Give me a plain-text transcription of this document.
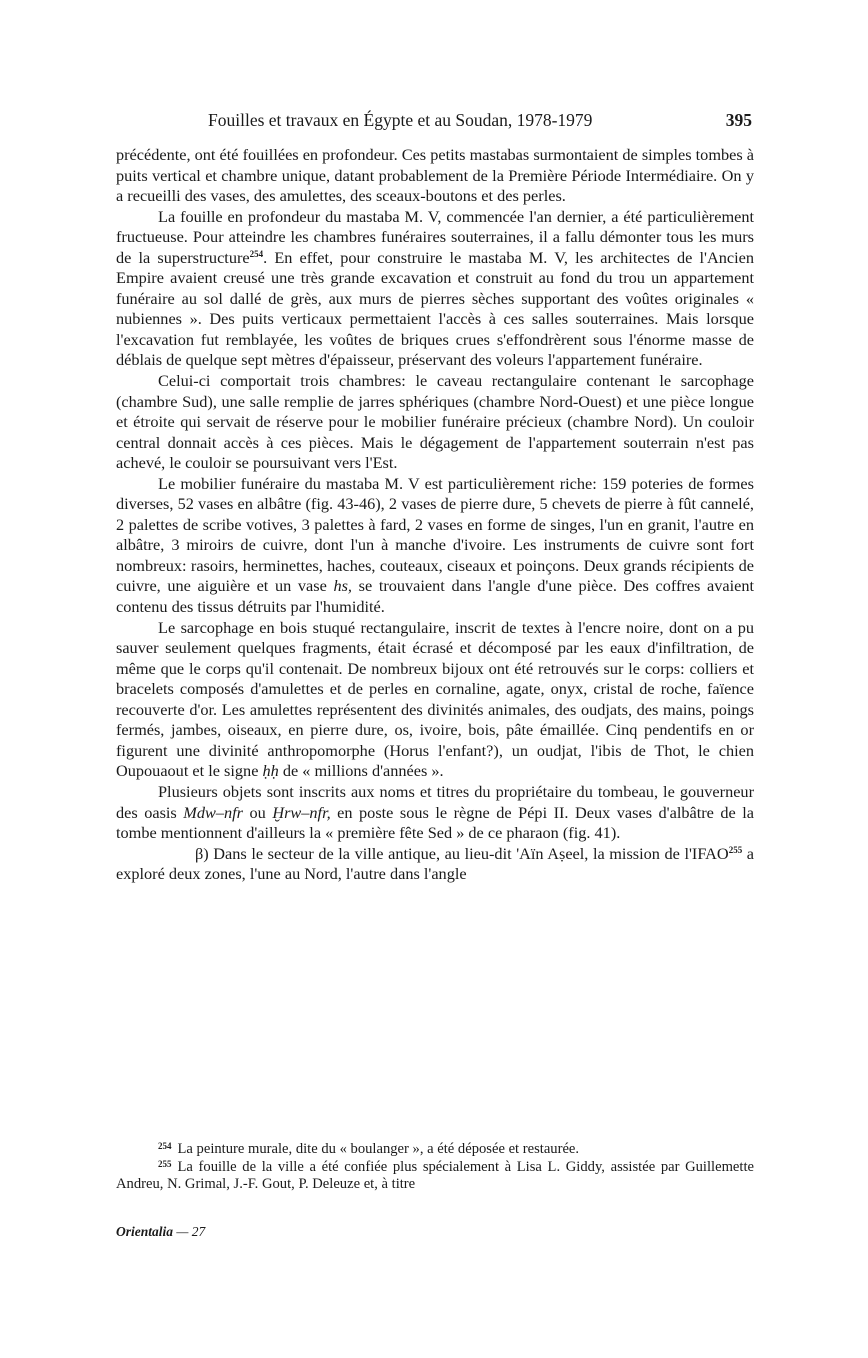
Fouilles et travaux en Égypte et au Soudan, 1978-1979	395

précédente, ont été fouillées en profondeur. Ces petits mastabas surmontaient de simples tombes à puits vertical et chambre unique, datant probablement de la Première Période Intermédiaire. On y a recueilli des vases, des amulettes, des sceaux-boutons et des perles.

La fouille en profondeur du mastaba M. V, commencée l'an dernier, a été particulièrement fructueuse. Pour atteindre les chambres funéraires souterraines, il a fallu démonter tous les murs de la superstructure$^{254}$. En effet, pour construire le mastaba M. V, les architectes de l'Ancien Empire avaient creusé une très grande excavation et construit au fond du trou un appartement funéraire au sol dallé de grès, aux murs de pierres sèches supportant des voûtes originales « nubiennes ». Des puits verticaux permettaient l'accès à ces salles souterraines. Mais lorsque l'excavation fut remblayée, les voûtes de briques crues s'effondrèrent sous l'énorme masse de déblais de quelque sept mètres d'épaisseur, préservant des voleurs l'appartement funéraire.

Celui-ci comportait trois chambres: le caveau rectangulaire contenant le sarcophage (chambre Sud), une salle remplie de jarres sphériques (chambre Nord-Ouest) et une pièce longue et étroite qui servait de réserve pour le mobilier funéraire précieux (chambre Nord). Un couloir central donnait accès à ces pièces. Mais le dégagement de l'appartement souterrain n'est pas achevé, le couloir se poursuivant vers l'Est.

Le mobilier funéraire du mastaba M. V est particulièrement riche: 159 poteries de formes diverses, 52 vases en albâtre (fig. 43-46), 2 vases de pierre dure, 5 chevets de pierre à fût cannelé, 2 palettes de scribe votives, 3 palettes à fard, 2 vases en forme de singes, l'un en granit, l'autre en albâtre, 3 miroirs de cuivre, dont l'un à manche d'ivoire. Les instruments de cuivre sont fort nombreux: rasoirs, herminettes, haches, couteaux, ciseaux et poinçons. Deux grands récipients de cuivre, une aiguière et un vase hs, se trouvaient dans l'angle d'une pièce. Des coffres avaient contenu des tissus détruits par l'humidité.

Le sarcophage en bois stuqué rectangulaire, inscrit de textes à l'encre noire, dont on a pu sauver seulement quelques fragments, était écrasé et décomposé par les eaux d'infiltration, de même que le corps qu'il contenait. De nombreux bijoux ont été retrouvés sur le corps: colliers et bracelets composés d'amulettes et de perles en cornaline, agate, onyx, cristal de roche, faïence recouverte d'or. Les amulettes représentent des divinités animales, des oudjats, des mains, poings fermés, jambes, oiseaux, en pierre dure, os, ivoire, bois, pâte émaillée. Cinq pendentifs en or figurent une divinité anthropomorphe (Horus l'enfant?), un oudjat, l'ibis de Thot, le chien Oupouaout et le signe ḥḥ de « millions d'années ».

Plusieurs objets sont inscrits aux noms et titres du propriétaire du tombeau, le gouverneur des oasis Mdw–nfr ou Ḫrw–nfr, en poste sous le règne de Pépi II. Deux vases d'albâtre de la tombe mentionnent d'ailleurs la « première fête Sed » de ce pharaon (fig. 41).

β) Dans le secteur de la ville antique, au lieu-dit 'Aïn Aṣeel, la mission de l'IFAO$^{255}$ a exploré deux zones, l'une au Nord, l'autre dans l'angle

$^{254}$ La peinture murale, dite du « boulanger », a été déposée et restaurée.

$^{255}$ La fouille de la ville a été confiée plus spécialement à Lisa L. Giddy, assistée par Guillemette Andreu, N. Grimal, J.-F. Gout, P. Deleuze et, à titre

Orientalia — 27
